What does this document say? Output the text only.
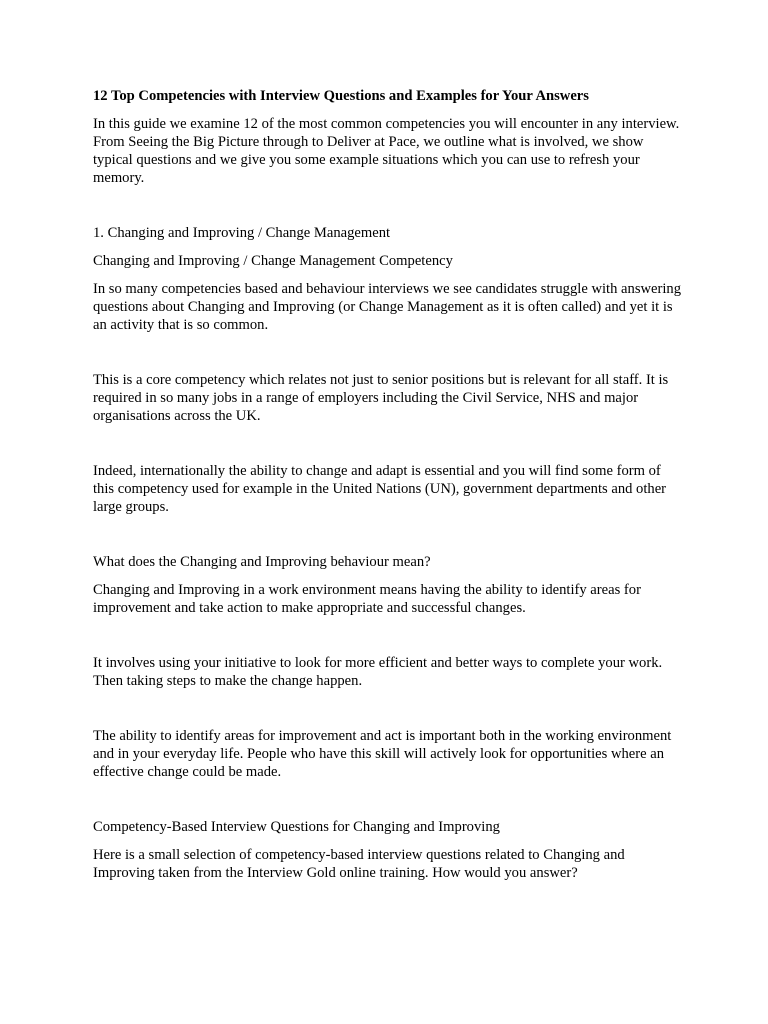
12 Top Competencies with Interview Questions and Examples for Your Answers

In this guide we examine 12 of the most common competencies you will encounter in any interview. From Seeing the Big Picture through to Deliver at Pace, we outline what is involved, we show typical questions and we give you some example situations which you can use to refresh your memory.

1. Changing and Improving / Change Management

Changing and Improving / Change Management Competency

In so many competencies based and behaviour interviews we see candidates struggle with answering questions about Changing and Improving (or Change Management as it is often called) and yet it is an activity that is so common.

This is a core competency which relates not just to senior positions but is relevant for all staff. It is required in so many jobs in a range of employers including the Civil Service, NHS and major organisations across the UK.

Indeed, internationally the ability to change and adapt is essential and you will find some form of this competency used for example in the United Nations (UN), government departments and other large groups.

What does the Changing and Improving behaviour mean?

Changing and Improving in a work environment means having the ability to identify areas for improvement and take action to make appropriate and successful changes.

It involves using your initiative to look for more efficient and better ways to complete your work. Then taking steps to make the change happen.

The ability to identify areas for improvement and act is important both in the working environment and in your everyday life. People who have this skill will actively look for opportunities where an effective change could be made.

Competency-Based Interview Questions for Changing and Improving

Here is a small selection of competency-based interview questions related to Changing and Improving taken from the Interview Gold online training. How would you answer?
